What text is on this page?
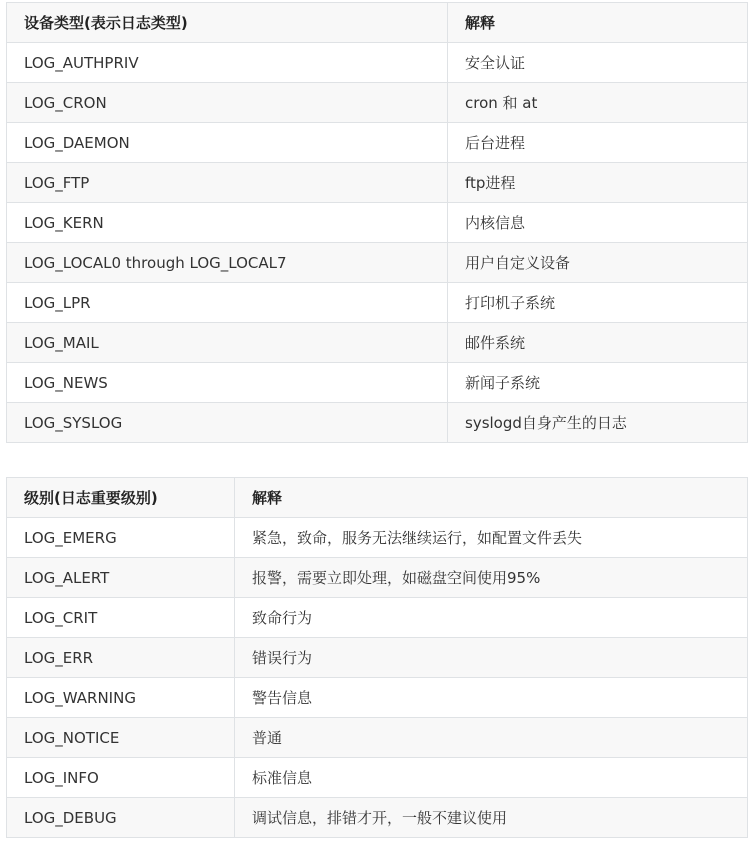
设备类型(表示日志类型)	解释
LOG_AUTHPRIV	安全认证
LOG_CRON	cron 和 at
LOG_DAEMON	后台进程
LOG_FTP	ftp进程
LOG_KERN	内核信息
LOG_LOCAL0 through LOG_LOCAL7	用户自定义设备
LOG_LPR	打印机子系统
LOG_MAIL	邮件系统
LOG_NEWS	新闻子系统
LOG_SYSLOG	syslogd自身产生的日志
级别(日志重要级别)	解释
LOG_EMERG	紧急，致命，服务无法继续运行，如配置文件丢失
LOG_ALERT	报警，需要立即处理，如磁盘空间使用95%
LOG_CRIT	致命行为
LOG_ERR	错误行为
LOG_WARNING	警告信息
LOG_NOTICE	普通
LOG_INFO	标准信息
LOG_DEBUG	调试信息，排错才开，一般不建议使用
